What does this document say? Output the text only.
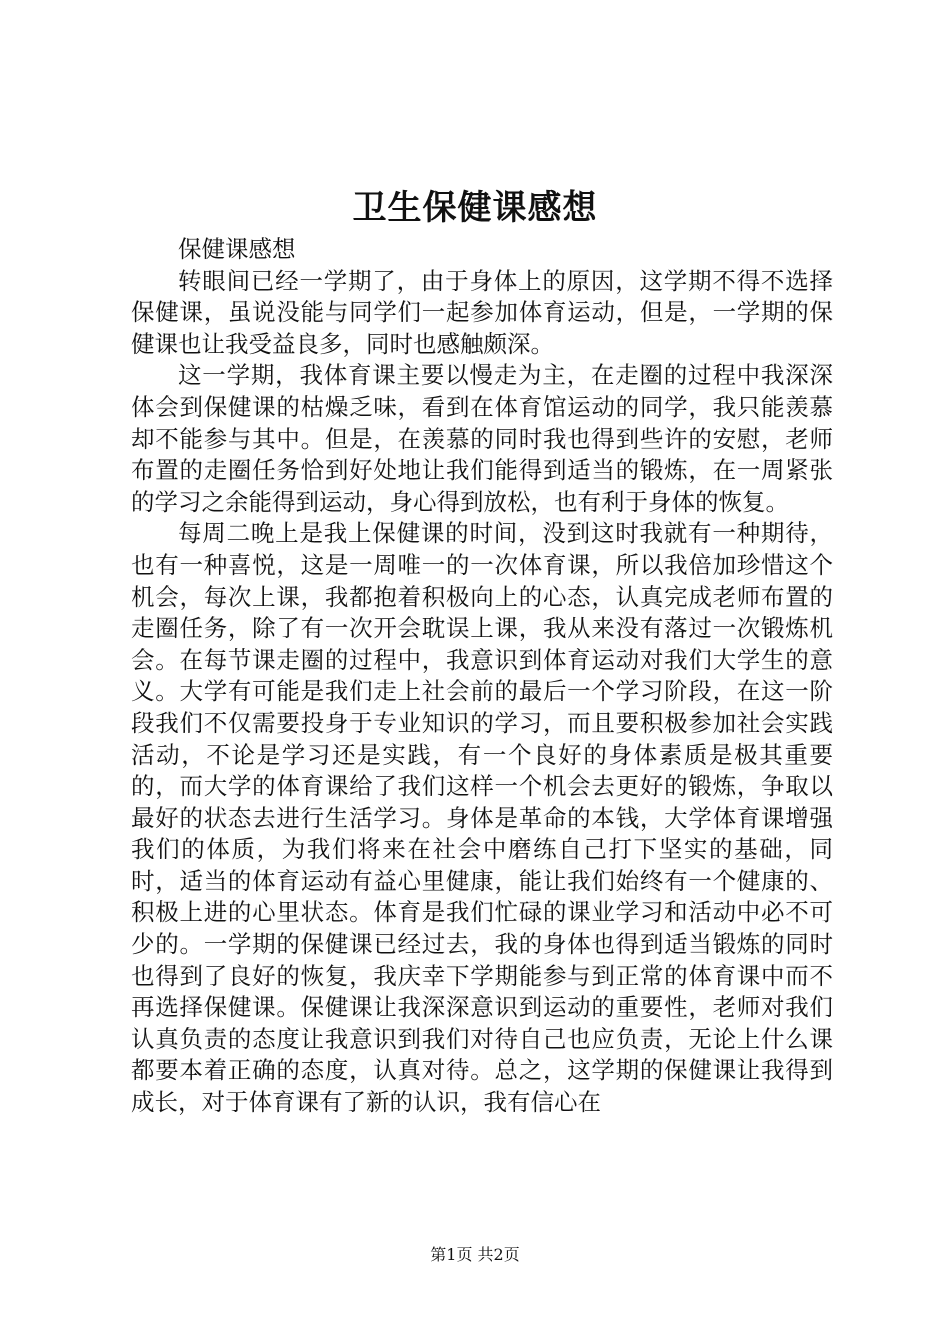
卫生保健课感想

保健课感想

转眼间已经一学期了，由于身体上的原因，这学期不得不选择保健课，虽说没能与同学们一起参加体育运动，但是，一学期的保健课也让我受益良多，同时也感触颇深。

这一学期，我体育课主要以慢走为主，在走圈的过程中我深深体会到保健课的枯燥乏味，看到在体育馆运动的同学，我只能羡慕却不能参与其中。但是，在羡慕的同时我也得到些许的安慰，老师布置的走圈任务恰到好处地让我们能得到适当的锻炼，在一周紧张的学习之余能得到运动，身心得到放松，也有利于身体的恢复。

每周二晚上是我上保健课的时间，没到这时我就有一种期待，也有一种喜悦，这是一周唯一的一次体育课，所以我倍加珍惜这个机会，每次上课，我都抱着积极向上的心态，认真完成老师布置的走圈任务，除了有一次开会耽误上课，我从来没有落过一次锻炼机会。在每节课走圈的过程中，我意识到体育运动对我们大学生的意义。大学有可能是我们走上社会前的最后一个学习阶段，在这一阶段我们不仅需要投身于专业知识的学习，而且要积极参加社会实践活动，不论是学习还是实践，有一个良好的身体素质是极其重要的，而大学的体育课给了我们这样一个机会去更好的锻炼，争取以最好的状态去进行生活学习。身体是革命的本钱，大学体育课增强我们的体质，为我们将来在社会中磨练自己打下坚实的基础，同时，适当的体育运动有益心里健康，能让我们始终有一个健康的、积极上进的心里状态。体育是我们忙碌的课业学习和活动中必不可少的。一学期的保健课已经过去，我的身体也得到适当锻炼的同时也得到了良好的恢复，我庆幸下学期能参与到正常的体育课中而不再选择保健课。保健课让我深深意识到运动的重要性，老师对我们认真负责的态度让我意识到我们对待自己也应负责，无论上什么课都要本着正确的态度，认真对待。总之，这学期的保健课让我得到成长，对于体育课有了新的认识，我有信心在

第1页 共2页
